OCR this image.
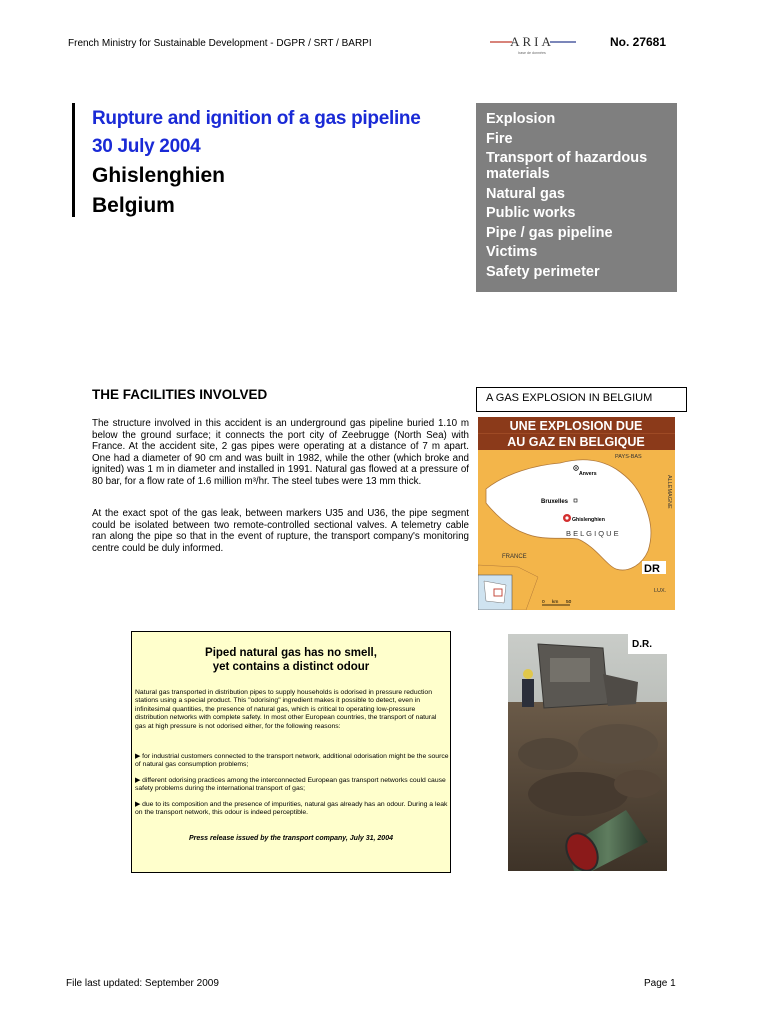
French Ministry for Sustainable Development - DGPR / SRT / BARPI	ARIA
base de données
No. 27681
Rupture and ignition of a gas pipeline
30 July 2004
Ghislenghien
Belgium
Explosion
Fire
Transport of hazardous materials
Natural gas
Public works
Pipe / gas pipeline
Victims
Safety perimeter
THE FACILITIES INVOLVED
The structure involved in this accident is an underground gas pipeline buried 1.10 m below the ground surface; it connects the port city of Zeebrugge (North Sea) with France. At the accident site, 2 gas pipes were operating at a distance of 7 m apart. One had a diameter of 90 cm and was built in 1982, while the other (which broke and ignited) was 1 m in diameter and installed in 1991. Natural gas flowed at a pressure of 80 bar, for a flow rate of 1.6 million m³/hr. The steel tubes were 13 mm thick.
At the exact spot of the gas leak, between markers U35 and U36, the pipe segment could be isolated between two remote-controlled sectional valves. A telemetry cable ran along the pipe so that in the event of rupture, the transport company's monitoring centre could be duly informed.
A GAS EXPLOSION IN BELGIUM
UNE EXPLOSION DUE
AU GAZ EN BELGIQUE
PAYS-BAS
Anvers
Bruxelles
Ghislenghien
B E L G I Q U E
ALLEMAGNE
FRANCE
DR
LUX.
0 km 50
Piped natural gas has no smell,
yet contains a distinct odour
Natural gas transported in distribution pipes to supply households is odorised in pressure reduction stations using a special product. This "odorising" ingredient makes it possible to detect, even in infinitesimal quantities, the presence of natural gas, which is critical to operating low-pressure distribution networks with complete safety. In most other European countries, the transport of natural gas at high pressure is not odorised either, for the following reasons:
▶ for industrial customers connected to the transport network, additional odorisation might be the source of natural gas consumption problems;
▶ different odorising practices among the interconnected European gas transport networks could cause safety problems during the international transport of gas;
▶ due to its composition and the presence of impurities, natural gas already has an odour. During a leak on the transport network, this odour is indeed perceptible.
Press release issued by the transport company, July 31, 2004
D.R.
File last updated: September 2009	Page 1
